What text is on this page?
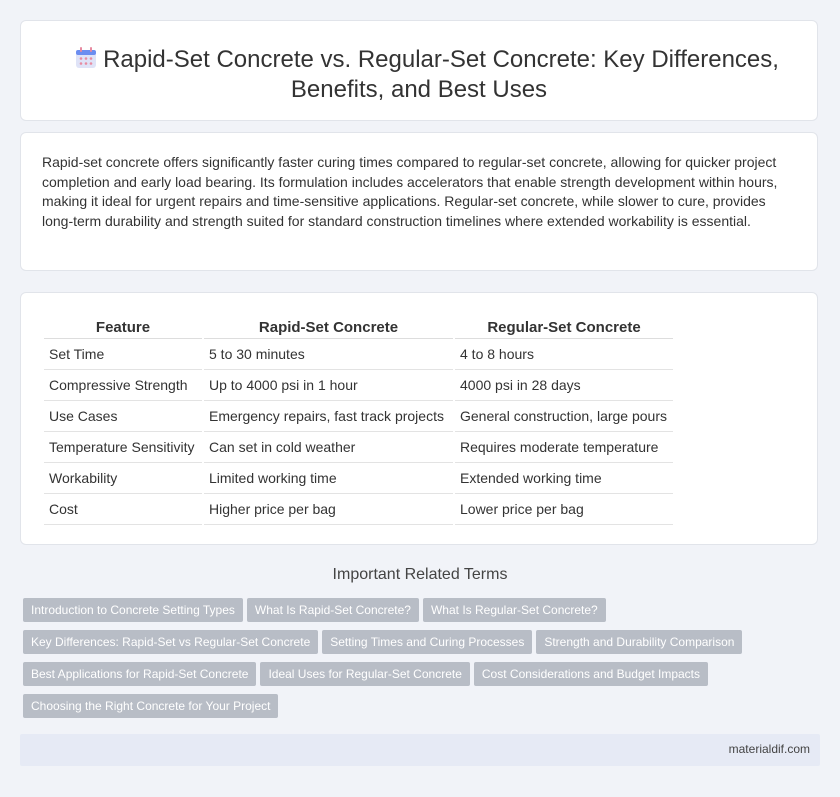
Rapid-Set Concrete vs. Regular-Set Concrete: Key Differences, Benefits, and Best Uses

Rapid-set concrete offers significantly faster curing times compared to regular-set concrete, allowing for quicker project completion and early load bearing. Its formulation includes accelerators that enable strength development within hours, making it ideal for urgent repairs and time-sensitive applications. Regular-set concrete, while slower to cure, provides long-term durability and strength suited for standard construction timelines where extended workability is essential.

Feature	Rapid-Set Concrete	Regular-Set Concrete
Set Time	5 to 30 minutes	4 to 8 hours
Compressive Strength	Up to 4000 psi in 1 hour	4000 psi in 28 days
Use Cases	Emergency repairs, fast track projects	General construction, large pours
Temperature Sensitivity	Can set in cold weather	Requires moderate temperature
Workability	Limited working time	Extended working time
Cost	Higher price per bag	Lower price per bag
Important Related Terms
Introduction to Concrete Setting Types What Is Rapid-Set Concrete? What Is Regular-Set Concrete?
Key Differences: Rapid-Set vs Regular-Set Concrete Setting Times and Curing Processes Strength and Durability Comparison
Best Applications for Rapid-Set Concrete Ideal Uses for Regular-Set Concrete Cost Considerations and Budget Impacts
Choosing the Right Concrete for Your Project
materialdif.com
